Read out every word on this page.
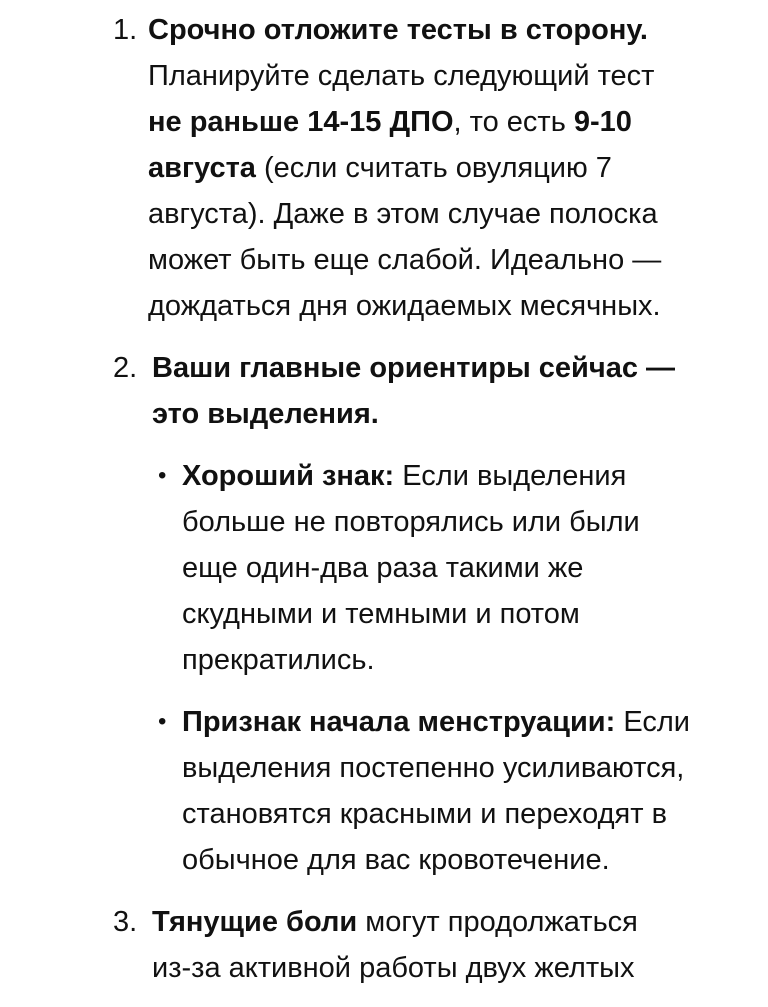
1. Срочно отложите тесты в сторону.
Планируйте сделать следующий тест
не раньше 14-15 ДПО, то есть 9-10
августа (если считать овуляцию 7
августа). Даже в этом случае полоска
может быть еще слабой. Идеально —
дождаться дня ожидаемых месячных.
2. Ваши главные ориентиры сейчас —
это выделения.
• Хороший знак: Если выделения
больше не повторялись или были
еще один-два раза такими же
скудными и темными и потом
прекратились.
• Признак начала менструации: Если
выделения постепенно усиливаются,
становятся красными и переходят в
обычное для вас кровотечение.
3. Тянущие боли могут продолжаться
из-за активной работы двух желтых
